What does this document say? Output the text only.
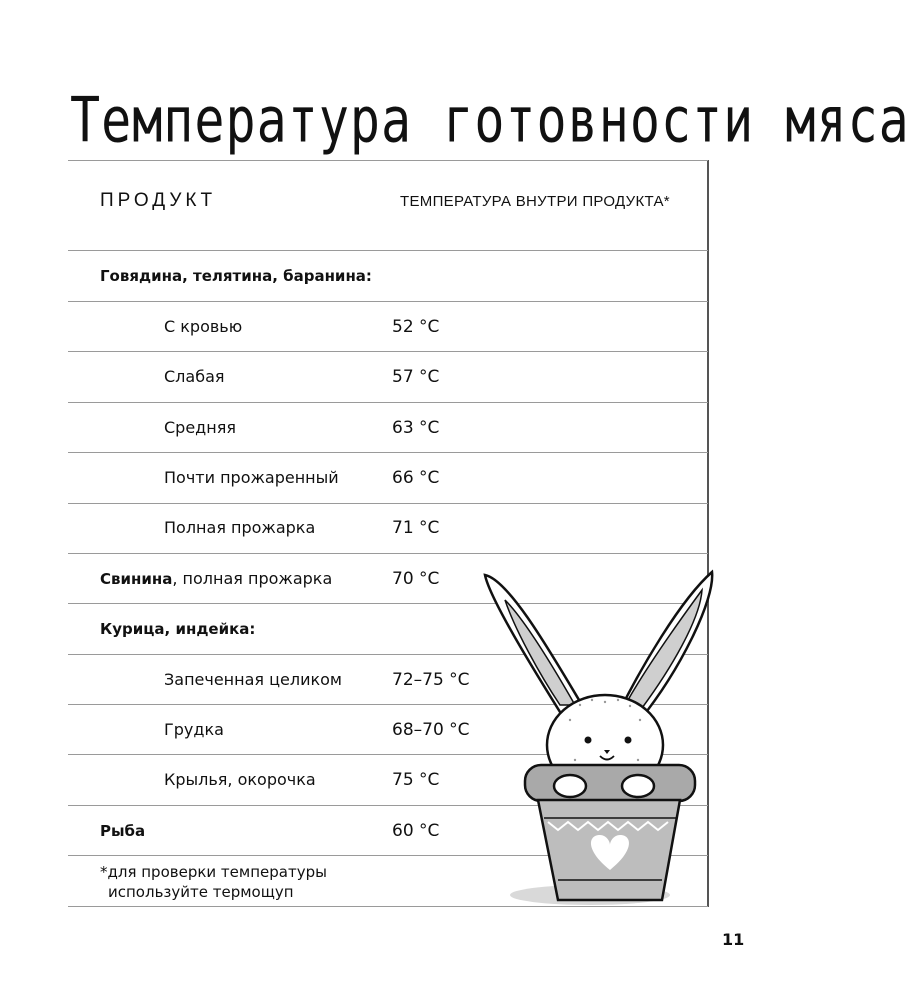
Температура готовности мяса
ПРОДУКТ	ТЕМПЕРАТУРА ВНУТРИ ПРОДУКТА*
Говядина, телятина, баранина:
С кровью	52 °C
Слабая	57 °C
Средняя	63 °C
Почти прожаренный	66 °C
Полная прожарка	71 °C
Свинина, полная прожарка	70 °C
Курица, индейка:
Запеченная целиком	72–75 °C
Грудка	68–70 °C
Крылья, окорочка	75 °C
Рыба	60 °C
*для проверки температуры
используйте термощуп
11
